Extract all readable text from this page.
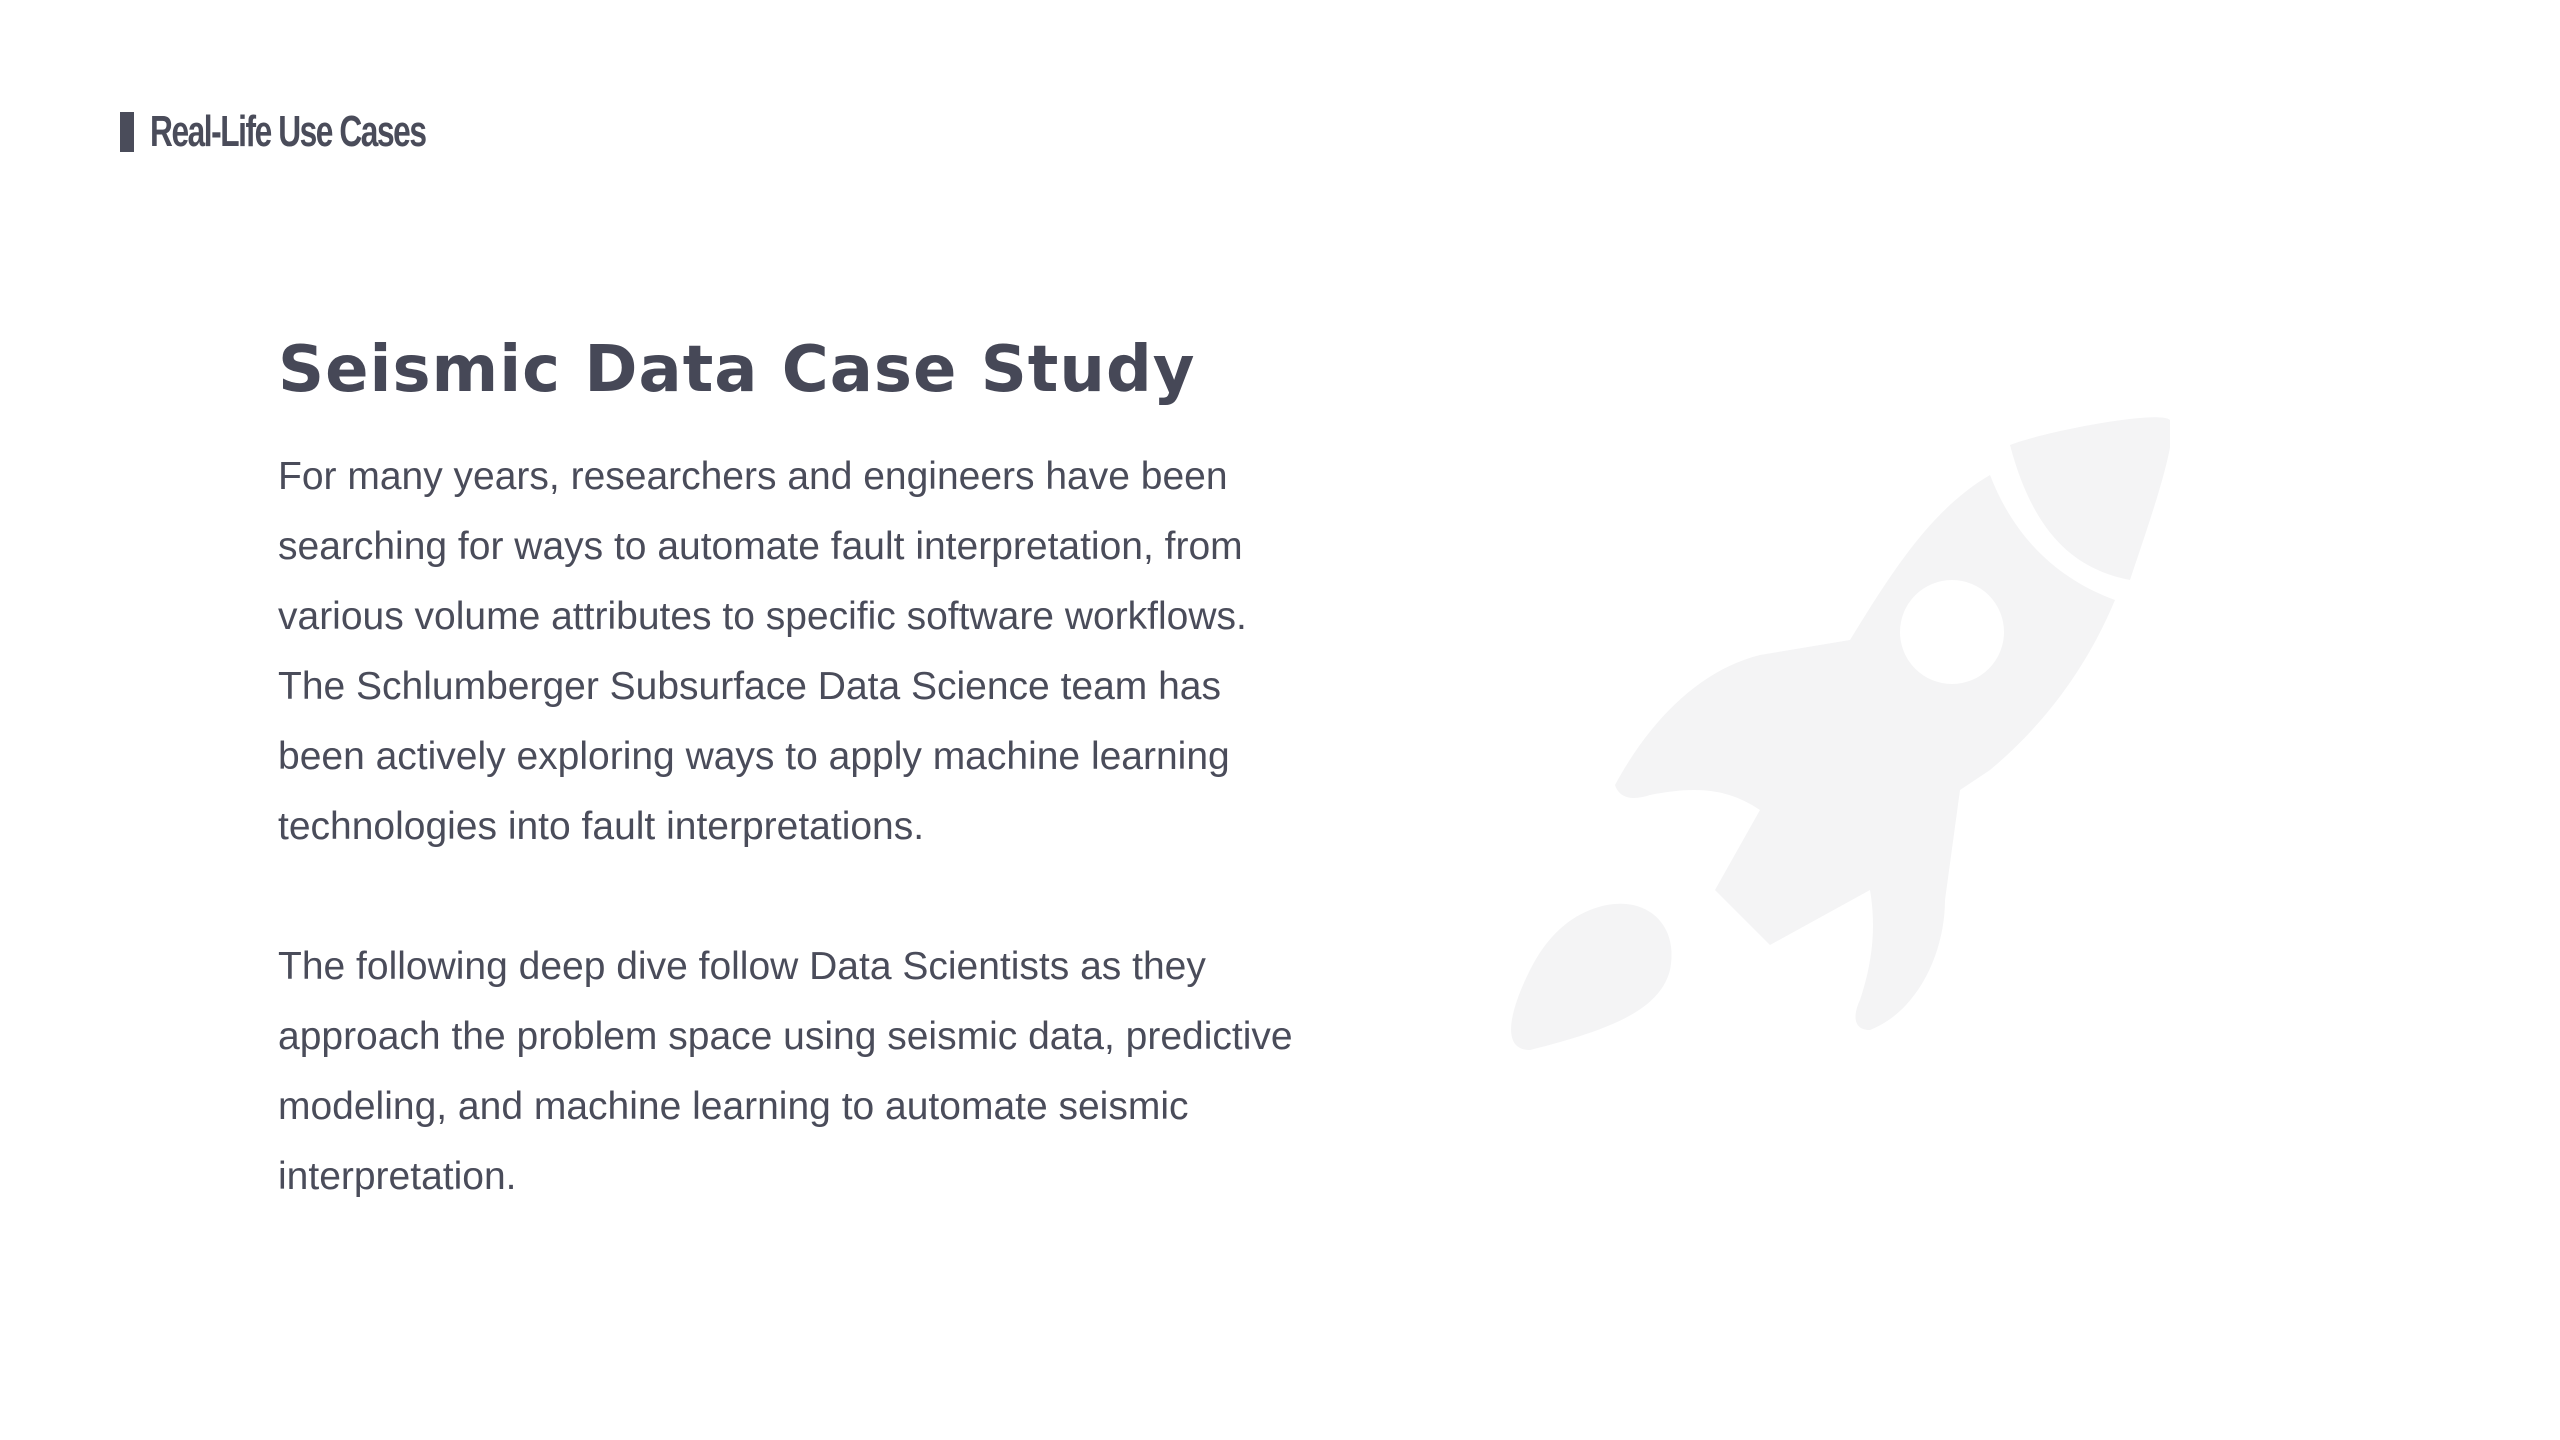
Real-Life Use Cases
Seismic Data Case Study

For many years, researchers and engineers have been searching for ways to automate fault interpretation, from various volume attributes to specific software workflows. The Schlumberger Subsurface Data Science team has been actively exploring ways to apply machine learning technologies into fault interpretations.

The following deep dive follow Data Scientists as they approach the problem space using seismic data, predictive modeling, and machine learning to automate seismic interpretation.
